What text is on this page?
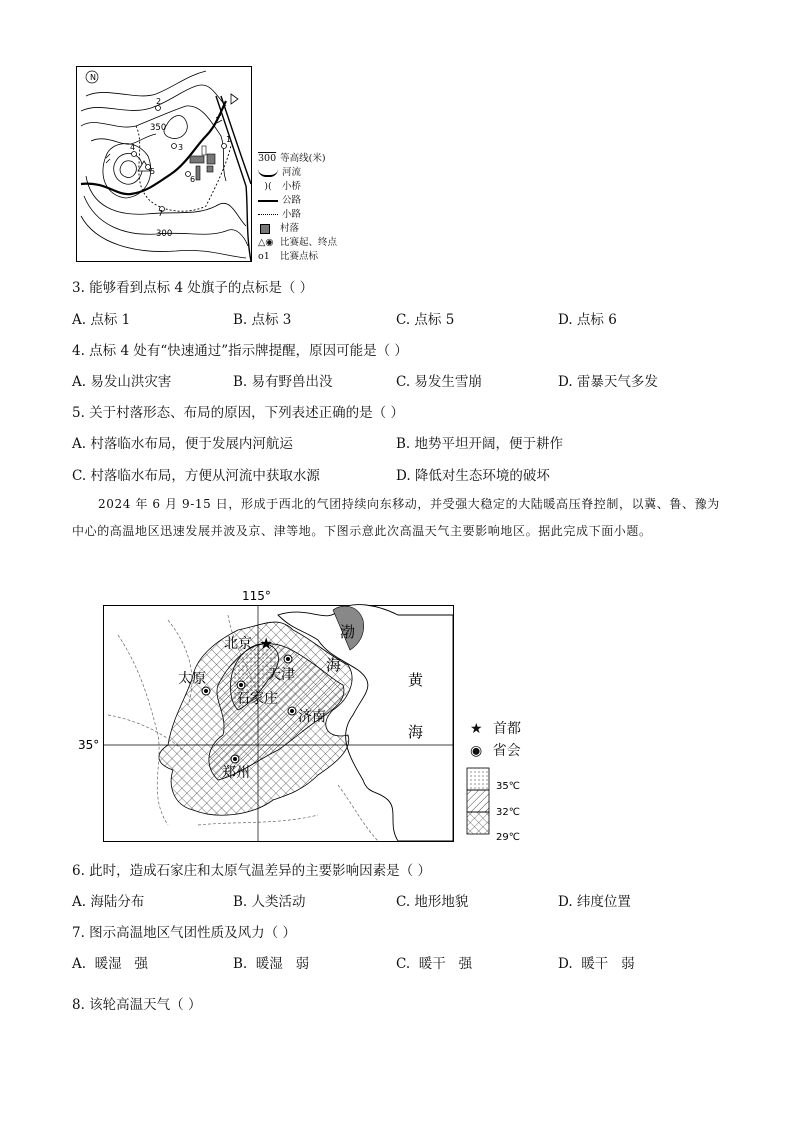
2
3
1
4
5
6
7
N
350
300
300 等高线(米)
河流
)( 小桥
公路
小路
村落
△◉ 比赛起、终点
o1 比赛点标
3. 能够看到点标 4 处旗子的点标是（ ）
A. 点标 1	B. 点标 3	C. 点标 5	D. 点标 6
4. 点标 4 处有“快速通过”指示牌提醒，原因可能是（ ）
A. 易发山洪灾害	B. 易有野兽出没	C. 易发生雪崩	D. 雷暴天气多发
5. 关于村落形态、布局的原因，下列表述正确的是（ ）
A. 村落临水布局，便于发展内河航运	B. 地势平坦开阔，便于耕作
C. 村落临水布局，方便从河流中获取水源	D. 降低对生态环境的破坏
2024 年 6 月 9-15 日，形成于西北的气团持续向东移动，并受强大稳定的大陆暖高压脊控制，以冀、鲁、豫为中心的高温地区迅速发展并波及京、津等地。下图示意此次高温天气主要影响地区。据此完成下面小题。
115°
35°
★
北京
天津
太原
石家庄
济南
郑州
渤
海
黄
海	★ 首都
◉ 省会
35℃
32℃
29℃
6. 此时，造成石家庄和太原气温差异的主要影响因素是（ ）
A. 海陆分布	B. 人类活动	C. 地形地貌	D. 纬度位置
7. 图示高温地区气团性质及风力（ ）
A.  暖湿   强	B.  暖湿   弱	C.  暖干   强	D.  暖干   弱
8. 该轮高温天气（ ）
